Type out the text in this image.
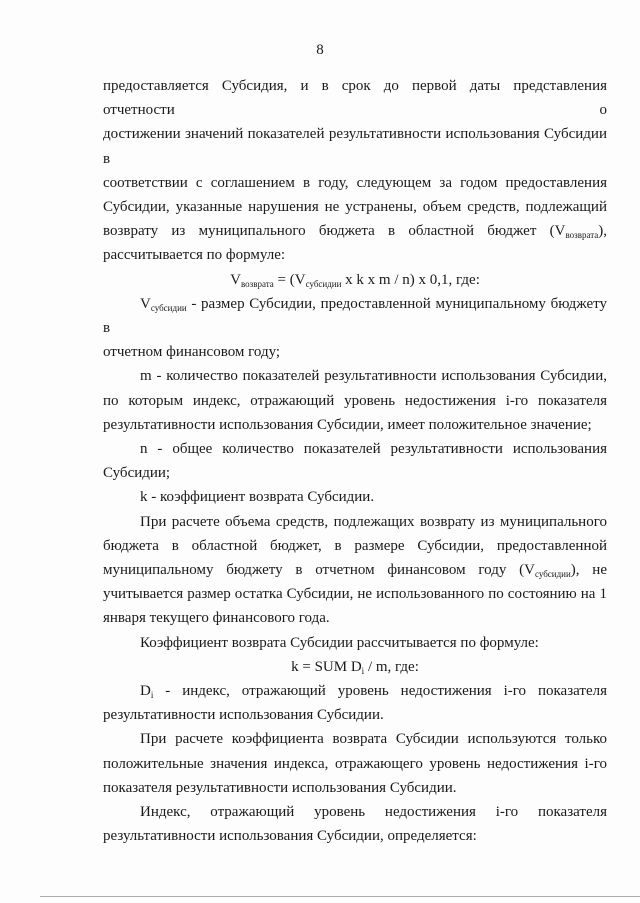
8

предоставляется Субсидия, и в срок до первой даты представления отчетности о
достижении значений показателей результативности использования Субсидии в
соответствии с соглашением в году, следующем за годом предоставления
Субсидии, указанные нарушения не устранены, объем средств, подлежащий
возврату из муниципального бюджета в областной бюджет $(V_{возврата})$,
рассчитывается по формуле:

$V_{возврата} = (V_{субсидии}$ x k x m / n) x 0,1, где:

$V_{субсидии}$ - размер Субсидии, предоставленной муниципальному бюджету в
отчетном финансовом году;

m - количество показателей результативности использования Субсидии,
по которым индекс, отражающий уровень недостижения i-го показателя
результативности использования Субсидии, имеет положительное значение;

n - общее количество показателей результативности использования
Субсидии;

k - коэффициент возврата Субсидии.

При расчете объема средств, подлежащих возврату из муниципального
бюджета в областной бюджет, в размере Субсидии, предоставленной
муниципальному бюджету в отчетном финансовом году $(V_{субсидии})$, не
учитывается размер остатка Субсидии, не использованного по состоянию на 1
января текущего финансового года.

Коэффициент возврата Субсидии рассчитывается по формуле:

k = SUM $D_i$ / m, где:

$D_i$ - индекс, отражающий уровень недостижения i-го показателя
результативности использования Субсидии.

При расчете коэффициента возврата Субсидии используются только
положительные значения индекса, отражающего уровень недостижения i-го
показателя результативности использования Субсидии.

Индекс, отражающий уровень недостижения i-го показателя
результативности использования Субсидии, определяется:
